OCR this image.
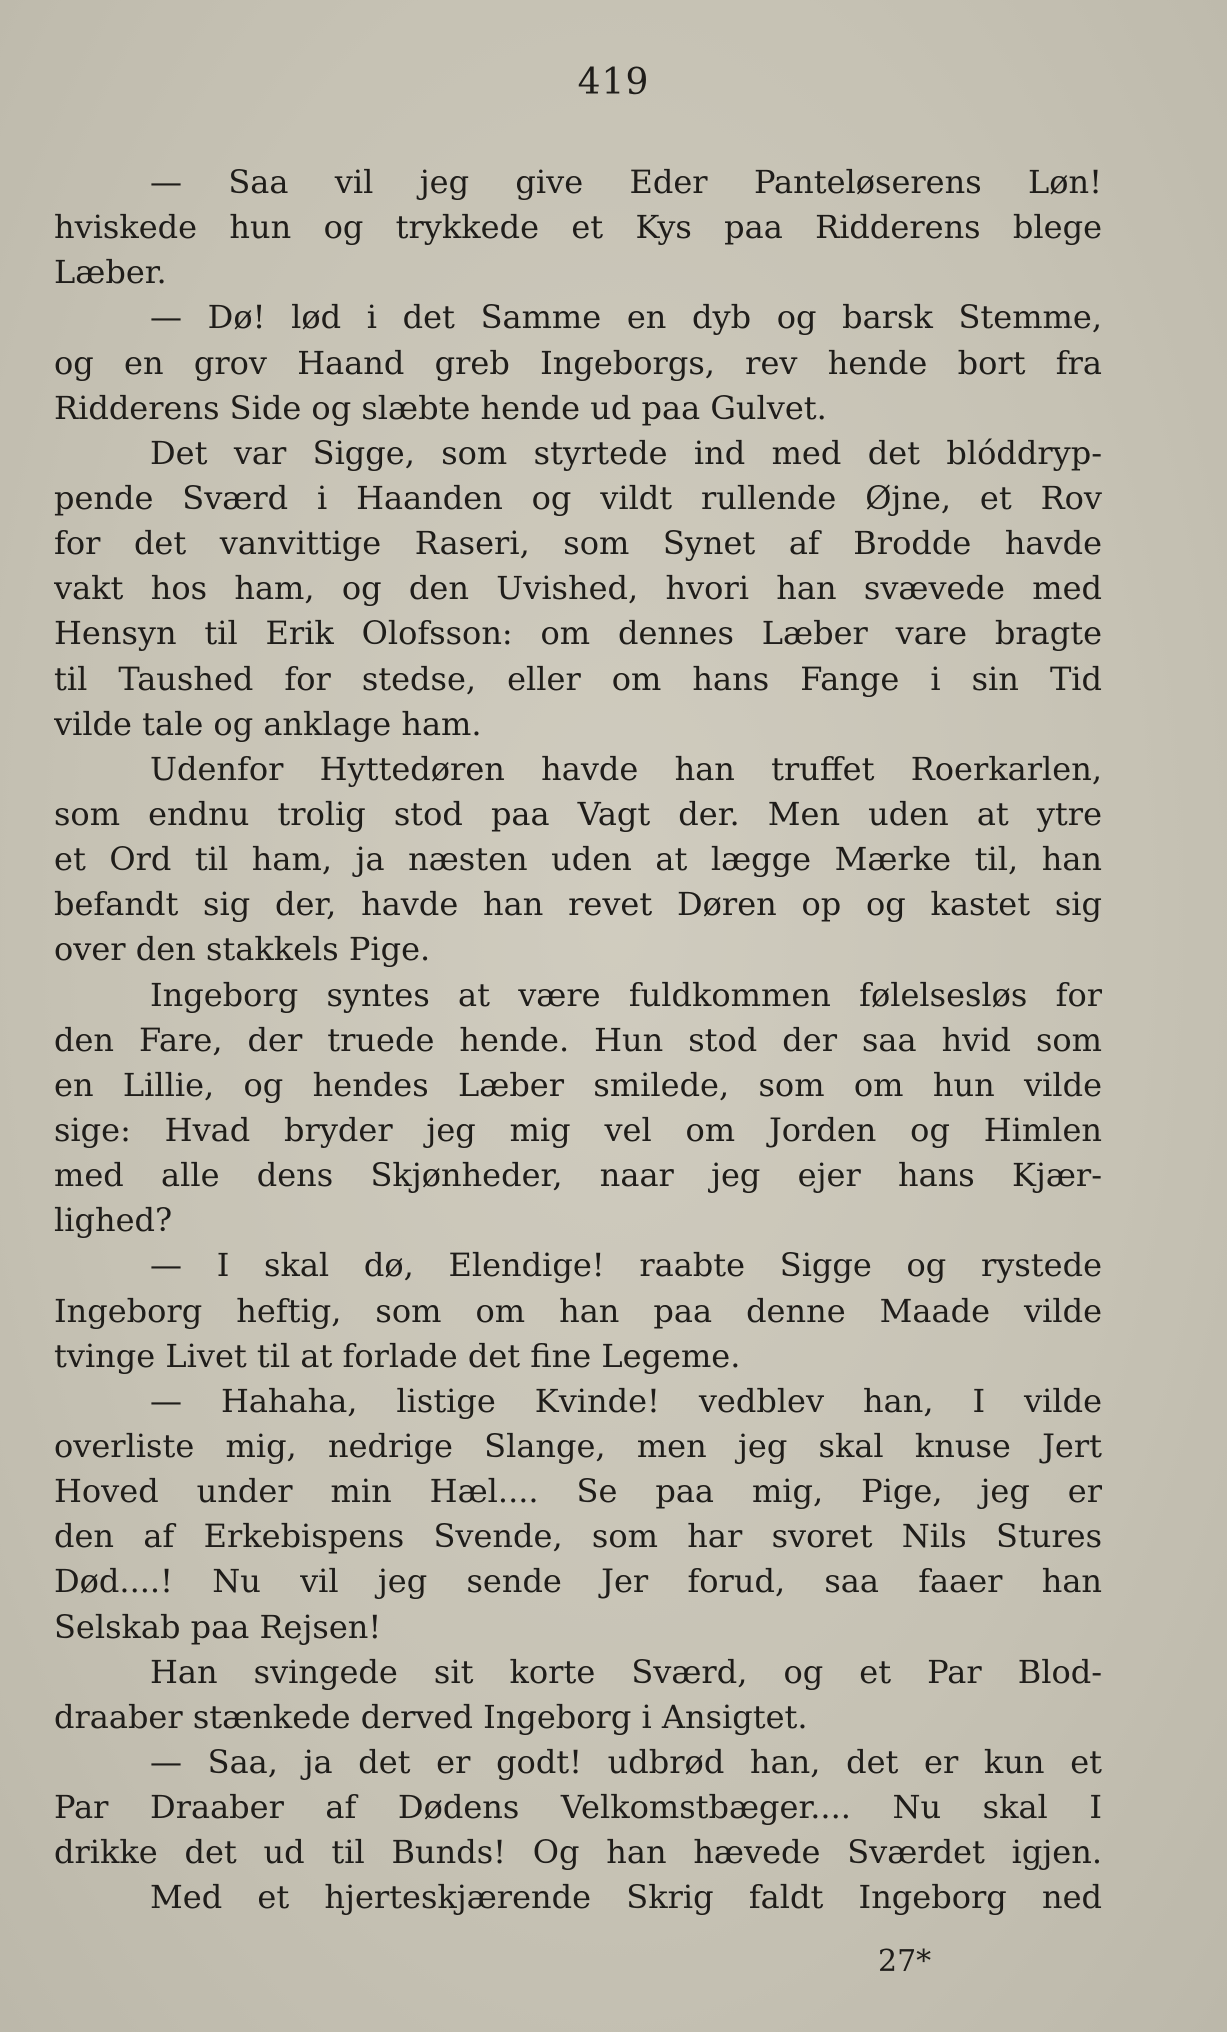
419
— Saa vil jeg give Eder Panteløserens Løn!
hviskede hun og trykkede et Kys paa Ridderens blege
Læber.
— Dø! lød i det Samme en dyb og barsk Stemme,
og en grov Haand greb Ingeborgs, rev hende bort fra
Ridderens Side og slæbte hende ud paa Gulvet.
Det var Sigge, som styrtede ind med det blóddryp-
pende Sværd i Haanden og vildt rullende Øjne, et Rov
for det vanvittige Raseri, som Synet af Brodde havde
vakt hos ham, og den Uvished, hvori han svævede med
Hensyn til Erik Olofsson: om dennes Læber vare bragte
til Taushed for stedse, eller om hans Fange i sin Tid
vilde tale og anklage ham.
Udenfor Hyttedøren havde han truffet Roerkarlen,
som endnu trolig stod paa Vagt der. Men uden at ytre
et Ord til ham, ja næsten uden at lægge Mærke til, han
befandt sig der, havde han revet Døren op og kastet sig
over den stakkels Pige.
Ingeborg syntes at være fuldkommen følelsesløs for
den Fare, der truede hende. Hun stod der saa hvid som
en Lillie, og hendes Læber smilede, som om hun vilde
sige: Hvad bryder jeg mig vel om Jorden og Himlen
med alle dens Skjønheder, naar jeg ejer hans Kjær-
lighed?
— I skal dø, Elendige! raabte Sigge og rystede
Ingeborg heftig, som om han paa denne Maade vilde
tvinge Livet til at forlade det fine Legeme.
— Hahaha, listige Kvinde! vedblev han, I vilde
overliste mig, nedrige Slange, men jeg skal knuse Jert
Hoved under min Hæl.... Se paa mig, Pige, jeg er
den af Erkebispens Svende, som har svoret Nils Stures
Død....! Nu vil jeg sende Jer forud, saa faaer han
Selskab paa Rejsen!
Han svingede sit korte Sværd, og et Par Blod-
draaber stænkede derved Ingeborg i Ansigtet.
— Saa, ja det er godt! udbrød han, det er kun et
Par Draaber af Dødens Velkomstbæger.... Nu skal I
drikke det ud til Bunds! Og han hævede Sværdet igjen.
Med et hjerteskjærende Skrig faldt Ingeborg ned
27*
